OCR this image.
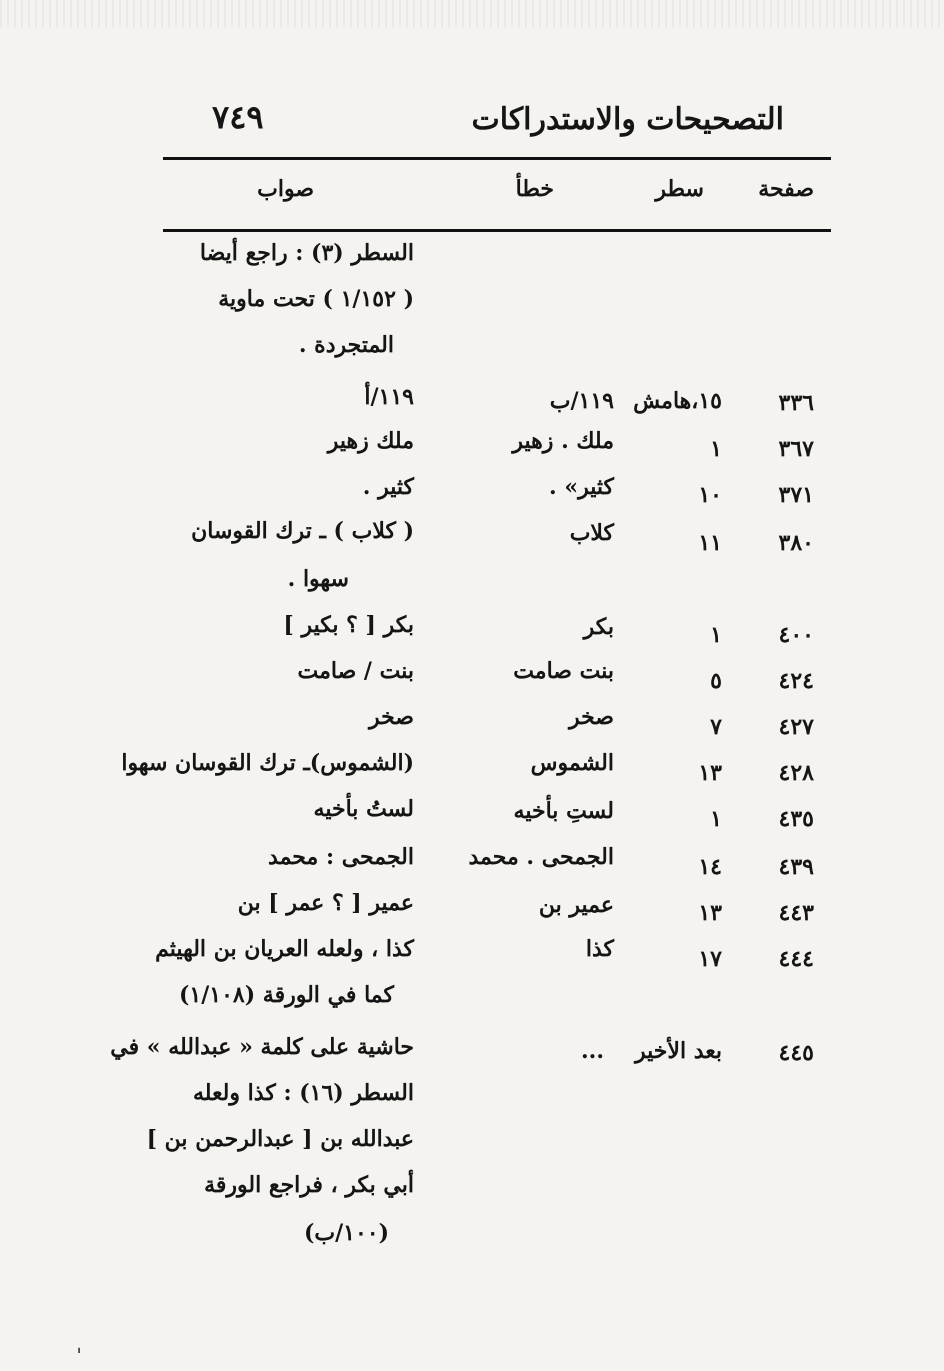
التصحيحات والاستدراكات
٧٤٩
صفحة
سطر
خطأ
صواب
السطر (٣) : راجع أيضا
( ١/١٥٢ ) تحت ماوية
المتجردة .
٣٣٦
١٥،هامش
١١٩/ب
١١٩/أ
٣٦٧
١
ملك . زهير
ملك زهير
٣٧١
١٠
كثير» .
كثير .
٣٨٠
١١
كلاب
( كلاب ) ـ ترك القوسان
سهوا .
٤٠٠
١
بكر
بكر [ ؟ بكير ]
٤٢٤
٥
بنت صامت
بنت / صامت
٤٢٧
٧
صخر
صخر
٤٢٨
١٣
الشموس
(الشموس)ـ ترك القوسان سهوا
٤٣٥
١
لستِ بأخيه
لستُ بأخيه
٤٣٩
١٤
الجمحى . محمد
الجمحى : محمد
٤٤٣
١٣
عمير بن
عمير [ ؟ عمر ] بن
٤٤٤
١٧
كذا
كذا ، ولعله العريان بن الهيثم
كما في الورقة (١/١٠٨)
٤٤٥
بعد الأخير
...
حاشية على كلمة « عبدالله » في
السطر (١٦) : كذا ولعله
عبدالله بن [ عبدالرحمن بن ]
أبي بكر ، فراجع الورقة
(١٠٠/ب)
ˈ
